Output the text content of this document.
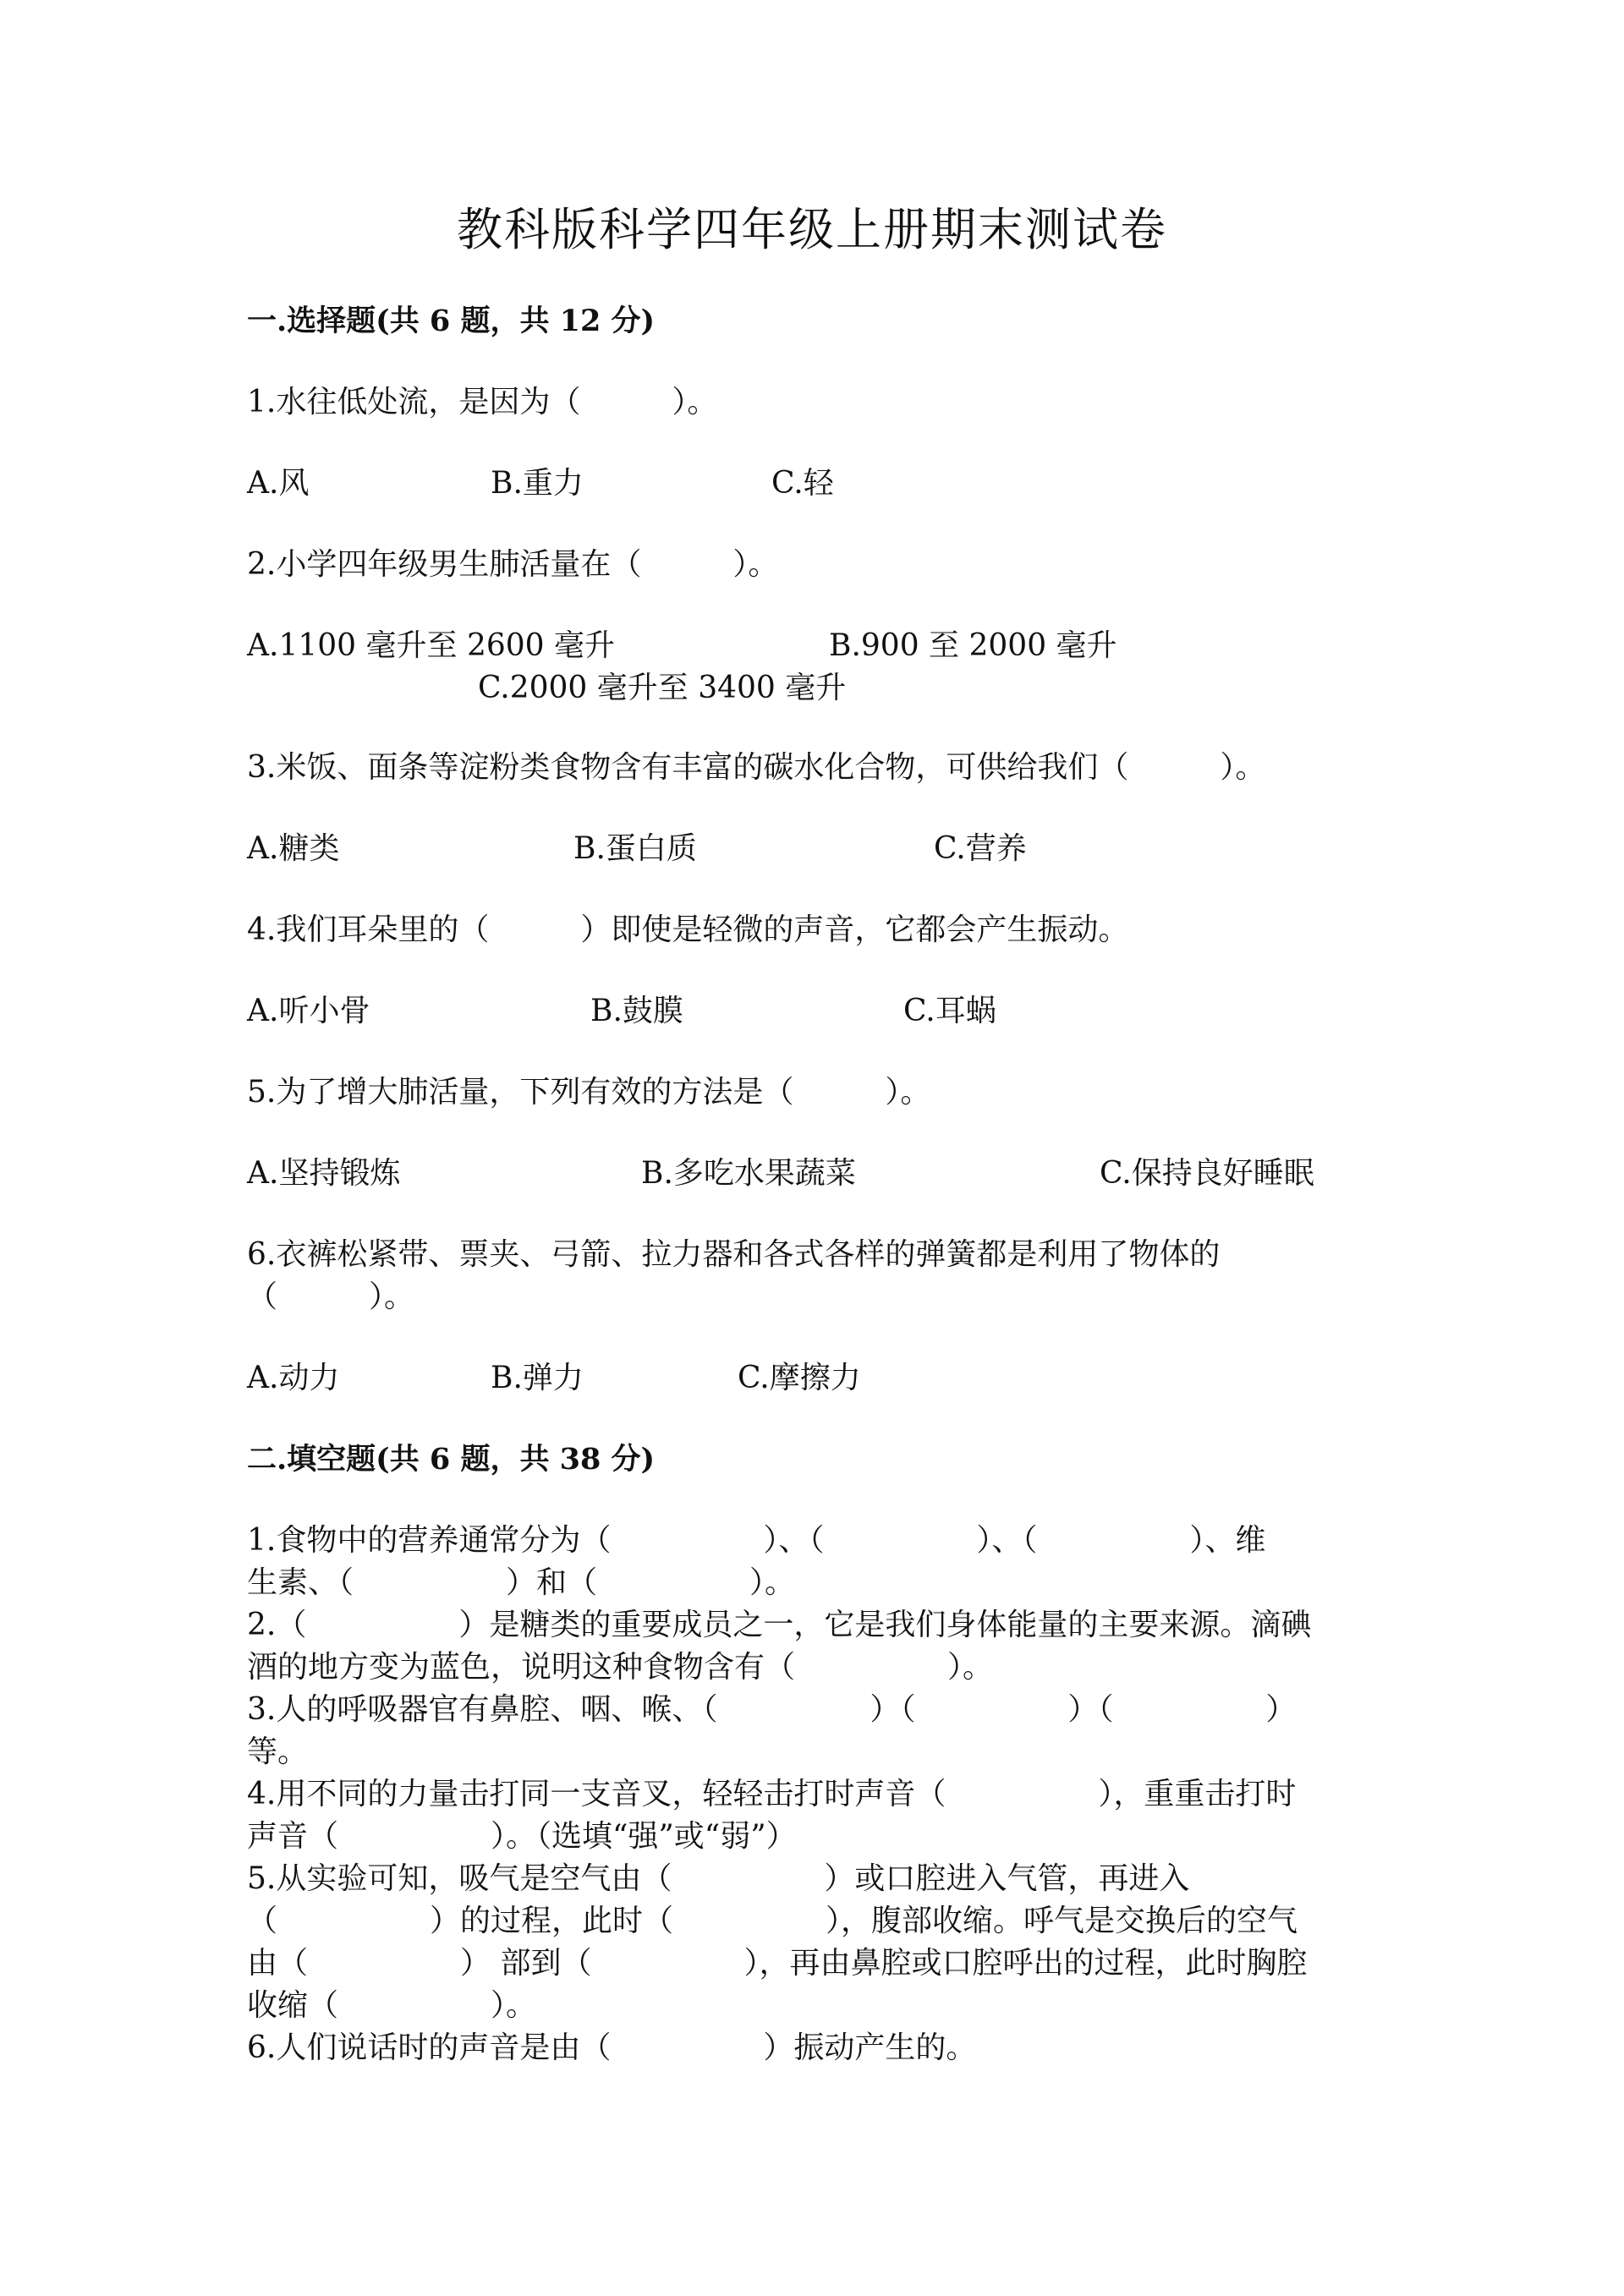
教科版科学四年级上册期末测试卷
一.选择题(共 6 题，共 12 分)
1.水往低处流，是因为（　　　）。
A.风	B.重力	C.轻
2.小学四年级男生肺活量在（　　　）。
A.1100 毫升至 2600 毫升	B.900 至 2000 毫升
C.2000 毫升至 3400 毫升
3.米饭、面条等淀粉类食物含有丰富的碳水化合物，可供给我们（　　　）。
A.糖类	B.蛋白质	C.营养
4.我们耳朵里的（　　　）即使是轻微的声音，它都会产生振动。
A.听小骨	B.鼓膜	C.耳蜗
5.为了增大肺活量，下列有效的方法是（　　　）。
A.坚持锻炼	B.多吃水果蔬菜	C.保持良好睡眠
6.衣裤松紧带、票夹、弓箭、拉力器和各式各样的弹簧都是利用了物体的
（　　　）。
A.动力	B.弹力	C.摩擦力
二.填空题(共 6 题，共 38 分)
1.食物中的营养通常分为（　　　　　）、（　　　　　）、（　　　　　）、维
生素、（　　　　　）和（　　　　　）。
2.（　　　　　）是糖类的重要成员之一，它是我们身体能量的主要来源。滴碘
酒的地方变为蓝色，说明这种食物含有（　　　　　）。
3.人的呼吸器官有鼻腔、咽、喉、（　　　　　）（　　　　　）（　　　　　）
等。
4.用不同的力量击打同一支音叉，轻轻击打时声音（　　　　　），重重击打时
声音（　　　　　）。（选填“强”或“弱”）
5.从实验可知，吸气是空气由（　　　　　）或口腔进入气管，再进入
（　　　　　）的过程，此时（　　　　　），腹部收缩。呼气是交换后的空气
由（　　　　　） 部到（　　　　　），再由鼻腔或口腔呼出的过程，此时胸腔
收缩（　　　　　）。
6.人们说话时的声音是由（　　　　　）振动产生的。
